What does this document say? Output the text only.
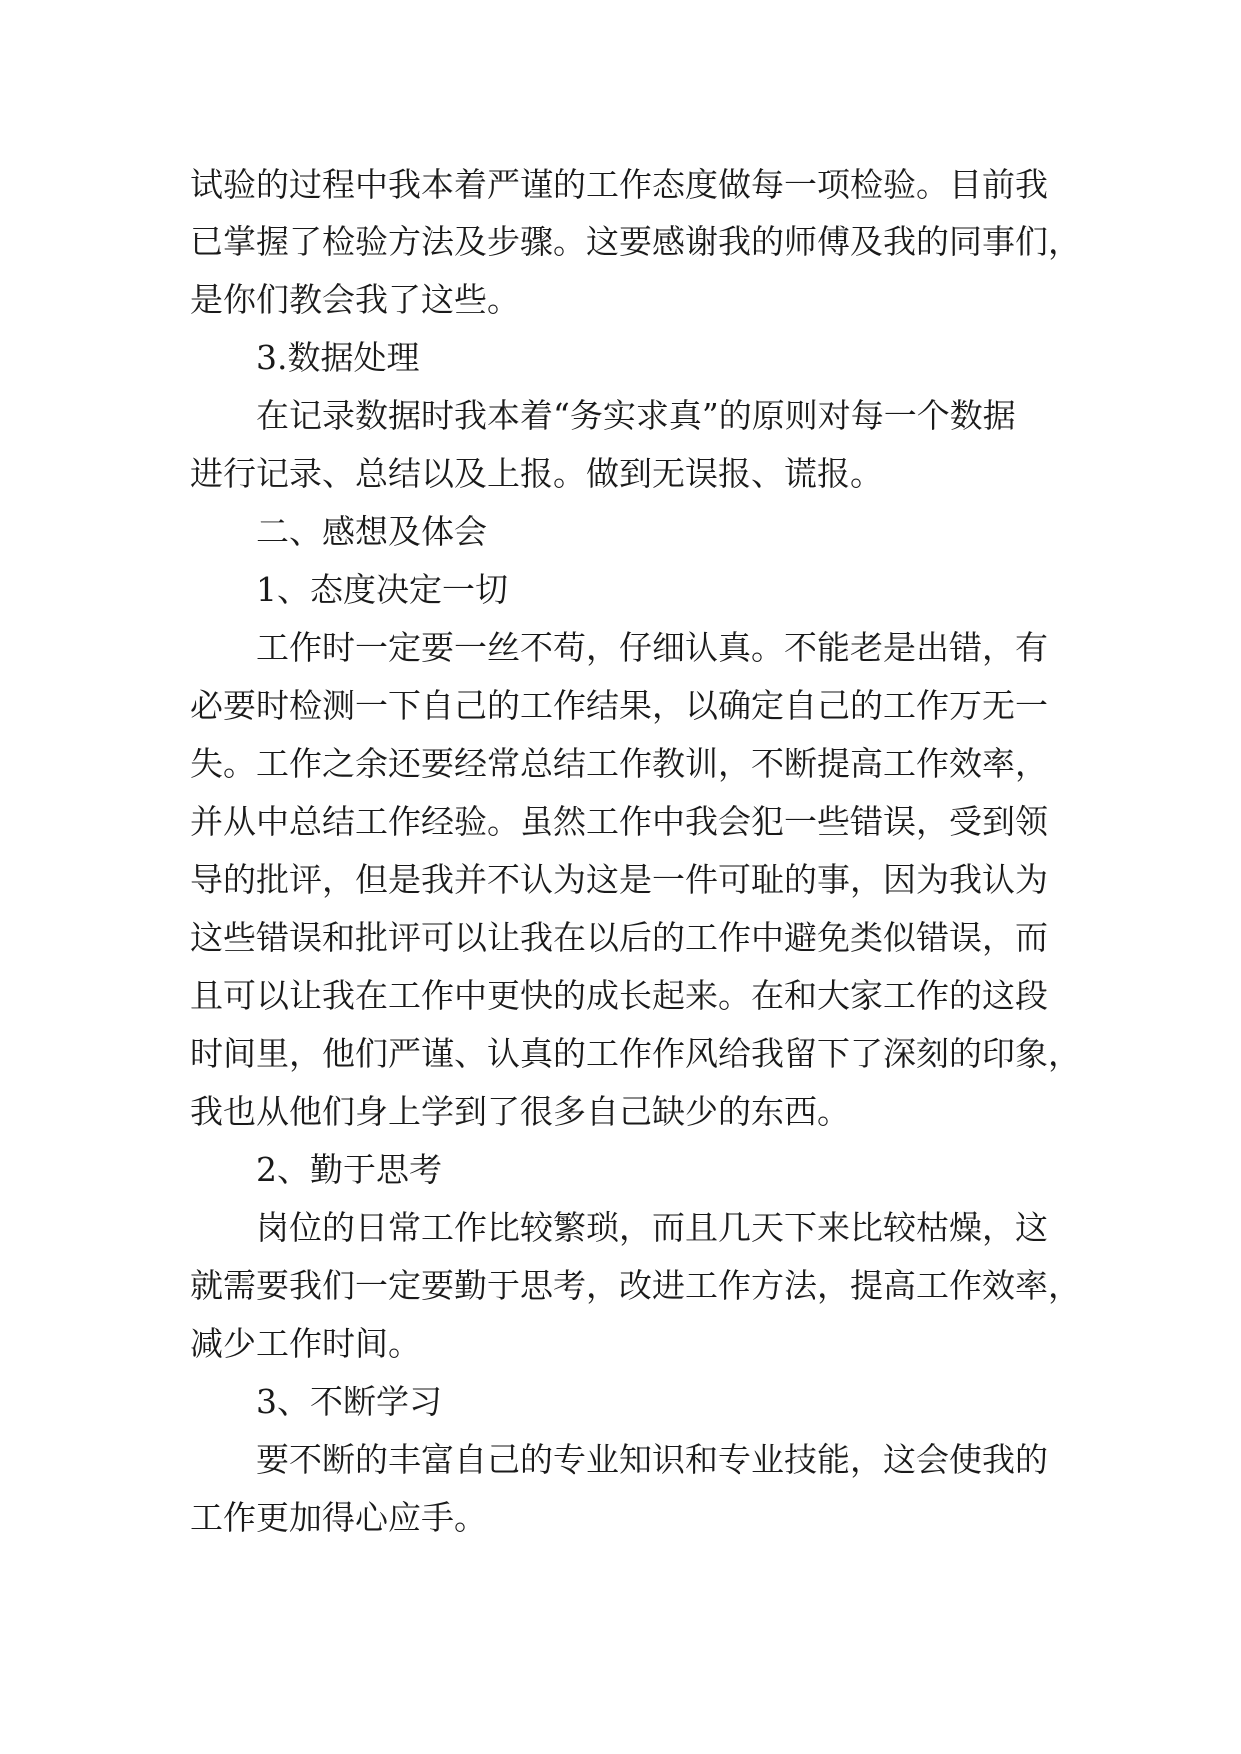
试验的过程中我本着严谨的工作态度做每一项检验。目前我
已掌握了检验方法及步骤。这要感谢我的师傅及我的同事们，
是你们教会我了这些。
3.数据处理
在记录数据时我本着“务实求真”的原则对每一个数据
进行记录、总结以及上报。做到无误报、谎报。
二、感想及体会
1、态度决定一切
工作时一定要一丝不苟，仔细认真。不能老是出错，有
必要时检测一下自己的工作结果，以确定自己的工作万无一
失。工作之余还要经常总结工作教训，不断提高工作效率，
并从中总结工作经验。虽然工作中我会犯一些错误，受到领
导的批评，但是我并不认为这是一件可耻的事，因为我认为
这些错误和批评可以让我在以后的工作中避免类似错误，而
且可以让我在工作中更快的成长起来。在和大家工作的这段
时间里，他们严谨、认真的工作作风给我留下了深刻的印象，
我也从他们身上学到了很多自己缺少的东西。
2、勤于思考
岗位的日常工作比较繁琐，而且几天下来比较枯燥，这
就需要我们一定要勤于思考，改进工作方法，提高工作效率，
减少工作时间。
3、不断学习
要不断的丰富自己的专业知识和专业技能，这会使我的
工作更加得心应手。
